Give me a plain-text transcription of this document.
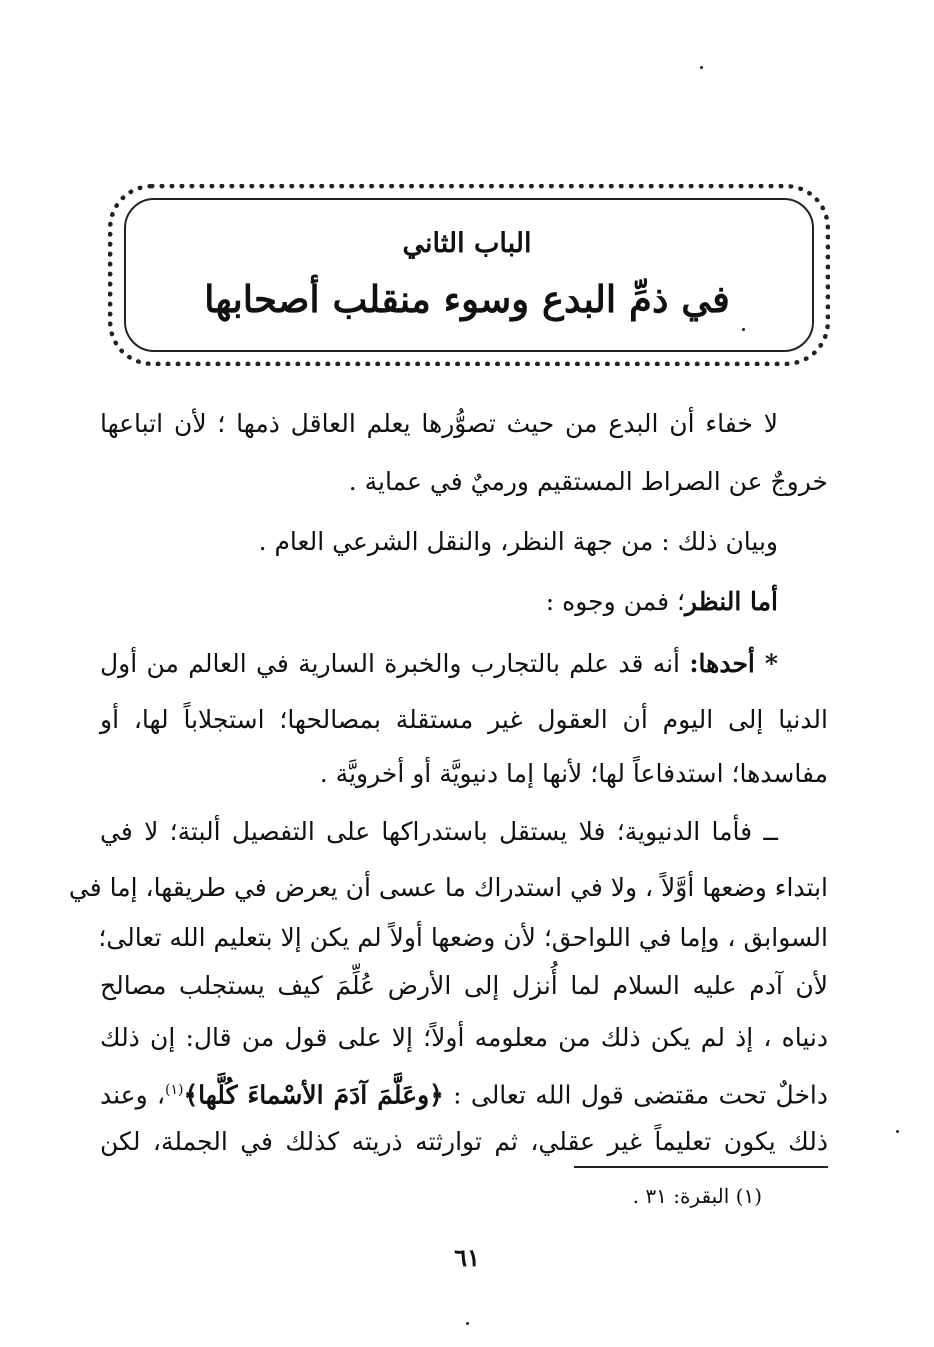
الباب الثاني
في ذمِّ البدع وسوء منقلب أصحابها
لا خفاء أن البدع من حيث تصوُّرها يعلم العاقل ذمها ؛ لأن اتباعها
خروجٌ عن الصراط المستقيم ورميٌ في عماية .
وبيان ذلك : من جهة النظر، والنقل الشرعي العام .
أما النظر؛ فمن وجوه :
* أحدها: أنه قد علم بالتجارب والخبرة السارية في العالم من أول
الدنيا إلى اليوم أن العقول غير مستقلة بمصالحها؛ استجلاباً لها، أو
مفاسدها؛ استدفاعاً لها؛ لأنها إما دنيويَّة أو أخرويَّة .
ــ فأما الدنيوية؛ فلا يستقل باستدراكها على التفصيل ألبتة؛ لا في
ابتداء وضعها أوَّلاً ، ولا في استدراك ما عسى أن يعرض في طريقها، إما في
السوابق ، وإما في اللواحق؛ لأن وضعها أولاً لم يكن إلا بتعليم الله تعالى؛
لأن آدم عليه السلام لما أُنزل إلى الأرض عُلِّمَ كيف يستجلب مصالح
دنياه ، إذ لم يكن ذلك من معلومه أولاً؛ إلا على قول من قال: إن ذلك
داخلٌ تحت مقتضى قول الله تعالى : ﴿وعَلَّمَ آدَمَ الأسْماءَ كُلَّها﴾$^{(١)}$، وعند
ذلك يكون تعليماً غير عقلي، ثم توارثته ذريته كذلك في الجملة، لكن
(١) البقرة: ٣١ .
٦١
